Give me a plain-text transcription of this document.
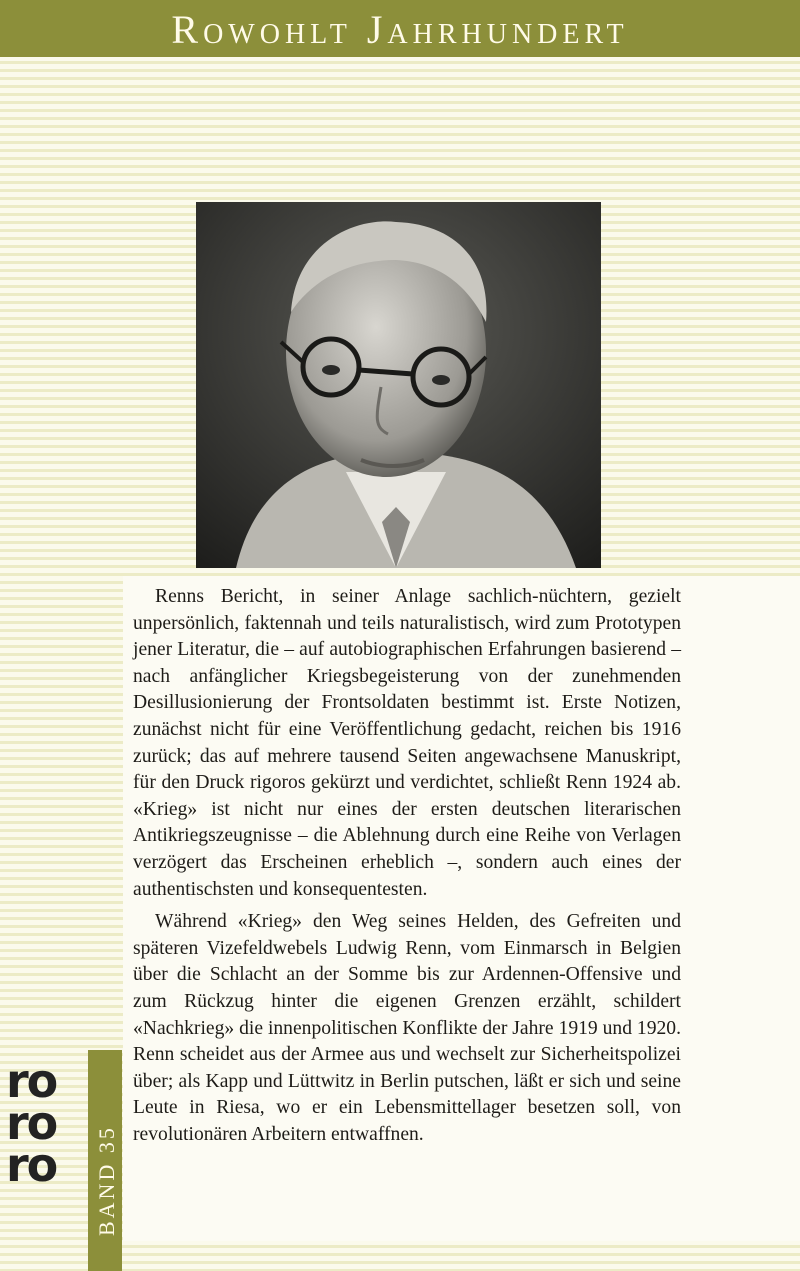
Rowohlt Jahrhundert

Renns Bericht, in seiner Anlage sachlich-nüchtern, gezielt unpersönlich, faktennah und teils naturalistisch, wird zum Prototypen jener Literatur, die – auf autobiographischen Erfahrungen basierend – nach anfänglicher Kriegsbegeisterung von der zunehmenden Desillusionierung der Frontsoldaten bestimmt ist. Erste Notizen, zunächst nicht für eine Veröffentlichung gedacht, reichen bis 1916 zurück; das auf mehrere tausend Seiten angewachsene Manuskript, für den Druck rigoros gekürzt und verdichtet, schließt Renn 1924 ab. «Krieg» ist nicht nur eines der ersten deutschen literarischen Antikriegszeugnisse – die Ablehnung durch eine Reihe von Verlagen verzögert das Erscheinen erheblich –, sondern auch eines der authentischsten und konsequentesten.

Während «Krieg» den Weg seines Helden, des Gefreiten und späteren Vizefeldwebels Ludwig Renn, vom Einmarsch in Belgien über die Schlacht an der Somme bis zur Ardennen-Offensive und zum Rückzug hinter die eigenen Grenzen erzählt, schildert «Nachkrieg» die innenpolitischen Konflikte der Jahre 1919 und 1920. Renn scheidet aus der Armee aus und wechselt zur Sicherheitspolizei über; als Kapp und Lüttwitz in Berlin putschen, läßt er sich und seine Leute in Riesa, wo er ein Lebensmittellager besetzen soll, von revolutionären Arbeitern entwaffnen.

BAND 35
ro
ro
ro
